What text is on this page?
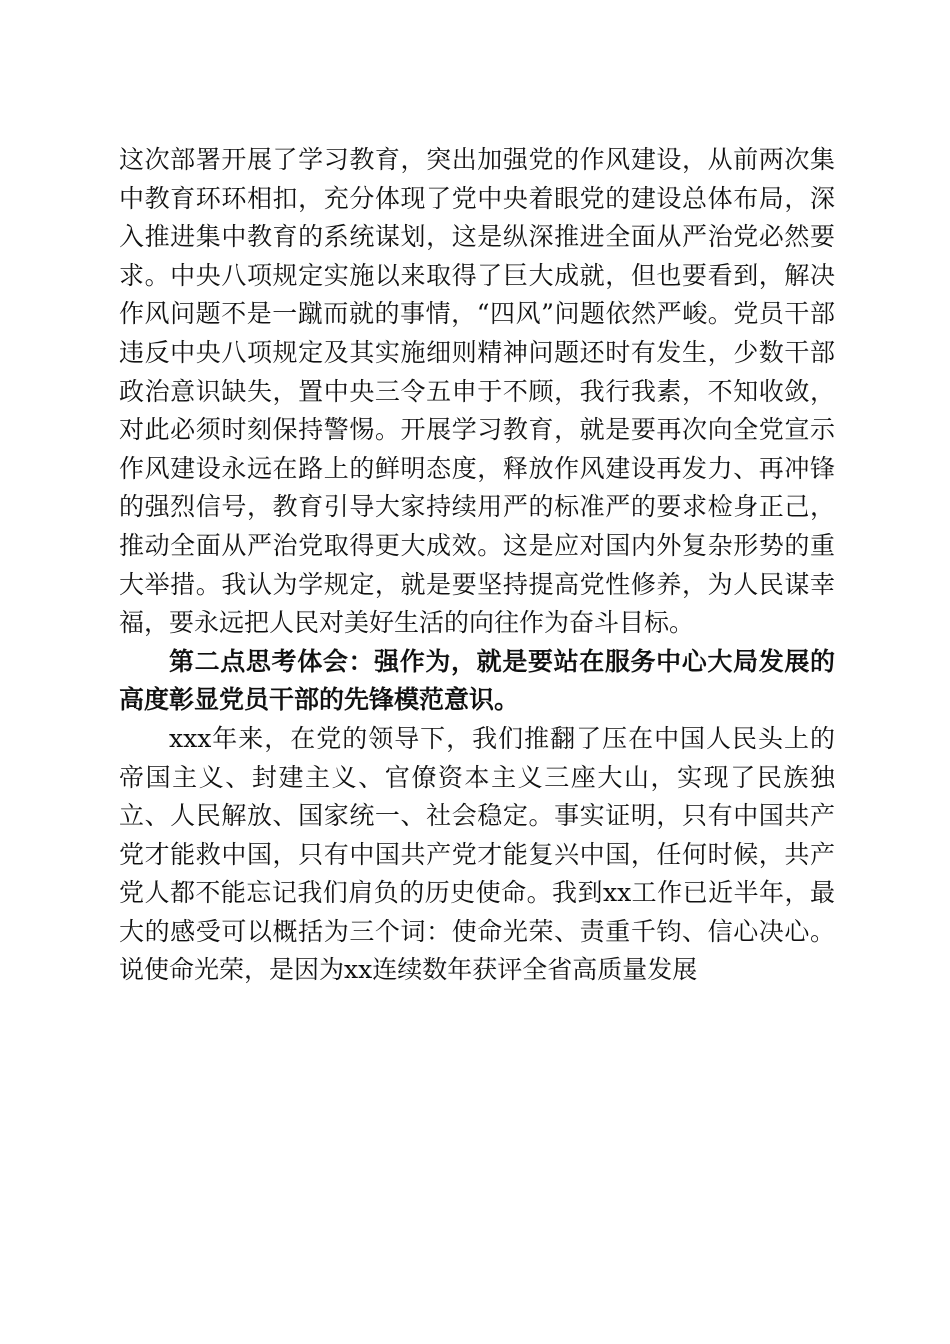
这次部署开展了学习教育，突出加强党的作风建设，从前两次集中教育环环相扣，充分体现了党中央着眼党的建设总体布局，深入推进集中教育的系统谋划，这是纵深推进全面从严治党必然要求。中央八项规定实施以来取得了巨大成就，但也要看到，解决作风问题不是一蹴而就的事情，“四风”问题依然严峻。党员干部违反中央八项规定及其实施细则精神问题还时有发生，少数干部政治意识缺失，置中央三令五申于不顾，我行我素，不知收敛，对此必须时刻保持警惕。开展学习教育，就是要再次向全党宣示作风建设永远在路上的鲜明态度，释放作风建设再发力、再冲锋的强烈信号，教育引导大家持续用严的标准严的要求检身正己，推动全面从严治党取得更大成效。这是应对国内外复杂形势的重大举措。我认为学规定，就是要坚持提高党性修养，为人民谋幸福，要永远把人民对美好生活的向往作为奋斗目标。

第二点思考体会：强作为，就是要站在服务中心大局发展的高度彰显党员干部的先锋模范意识。

xxx年来，在党的领导下，我们推翻了压在中国人民头上的帝国主义、封建主义、官僚资本主义三座大山，实现了民族独立、人民解放、国家统一、社会稳定。事实证明，只有中国共产党才能救中国，只有中国共产党才能复兴中国，任何时候，共产党人都不能忘记我们肩负的历史使命。我到xx工作已近半年，最大的感受可以概括为三个词：使命光荣、责重千钧、信心决心。说使命光荣，是因为xx连续数年获评全省高质量发展
